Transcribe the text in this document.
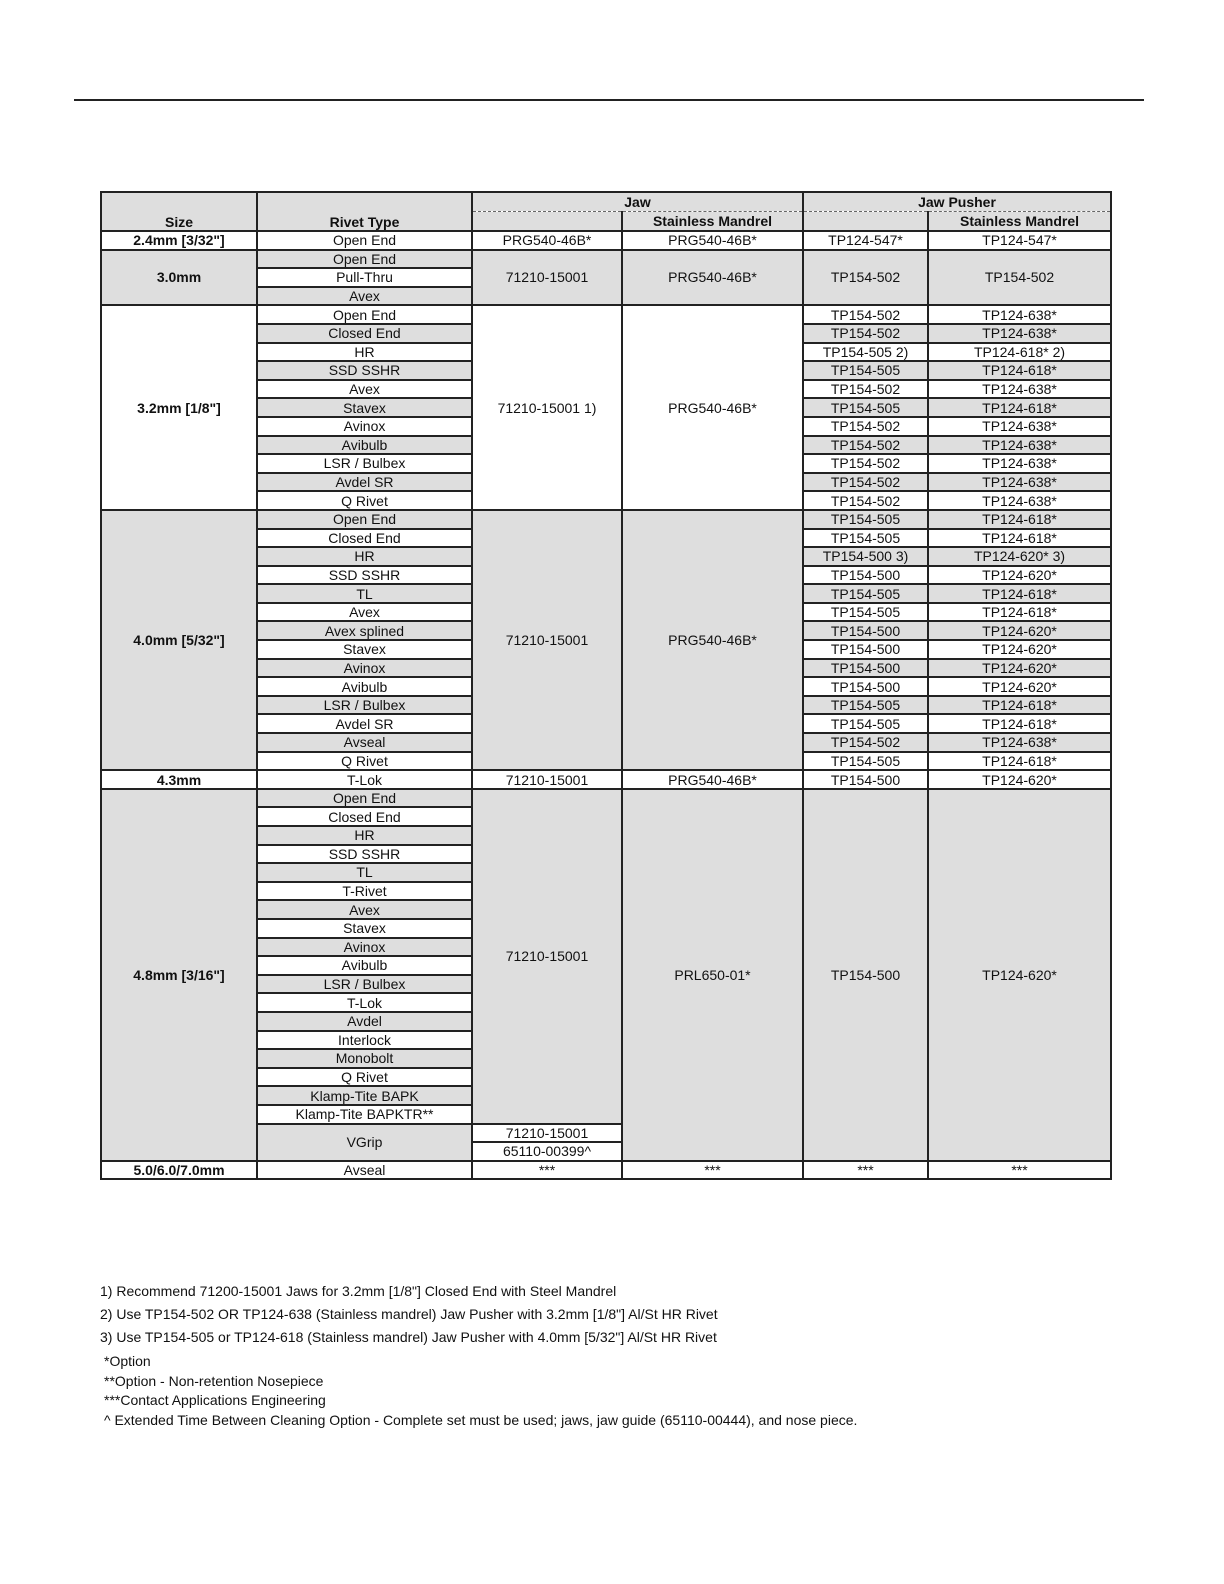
Size	Rivet Type	Jaw		Jaw Pusher	
			Stainless Mandrel		Stainless Mandrel
2.4mm [3/32"]	Open End	PRG540-46B*	PRG540-46B*	TP124-547*	TP124-547*
3.0mm	Open End	71210-15001	PRG540-46B*	TP154-502	TP154-502
	Pull-Thru				
	Avex				
3.2mm [1/8"]	Open End	71210-15001 1)	PRG540-46B*	TP154-502	TP124-638*
	Closed End			TP154-502	TP124-638*
	HR			TP154-505 2)	TP124-618* 2)
	SSD SSHR			TP154-505	TP124-618*
	Avex			TP154-502	TP124-638*
	Stavex			TP154-505	TP124-618*
	Avinox			TP154-502	TP124-638*
	Avibulb			TP154-502	TP124-638*
	LSR / Bulbex			TP154-502	TP124-638*
	Avdel SR			TP154-502	TP124-638*
	Q Rivet			TP154-502	TP124-638*
4.0mm [5/32"]	Open End	71210-15001	PRG540-46B*	TP154-505	TP124-618*
	Closed End			TP154-505	TP124-618*
	HR			TP154-500 3)	TP124-620* 3)
	SSD SSHR			TP154-500	TP124-620*
	TL			TP154-505	TP124-618*
	Avex			TP154-505	TP124-618*
	Avex splined			TP154-500	TP124-620*
	Stavex			TP154-500	TP124-620*
	Avinox			TP154-500	TP124-620*
	Avibulb			TP154-500	TP124-620*
	LSR / Bulbex			TP154-505	TP124-618*
	Avdel SR			TP154-505	TP124-618*
	Avseal			TP154-502	TP124-638*
	Q Rivet			TP154-505	TP124-618*
4.3mm	T-Lok	71210-15001	PRG540-46B*	TP154-500	TP124-620*
4.8mm [3/16"]	Open End	71210-15001	PRL650-01*	TP154-500	TP124-620*
	Closed End				
	HR				
	SSD SSHR				
	TL				
	T-Rivet				
	Avex				
	Stavex				
	Avinox				
	Avibulb				
	LSR / Bulbex				
	T-Lok				
	Avdel				
	Interlock				
	Monobolt				
	Q Rivet				
	Klamp-Tite BAPK				
	Klamp-Tite BAPKTR**				
	VGrip	71210-15001			
		65110-00399^			
5.0/6.0/7.0mm	Avseal	***	***	***	***
1) Recommend 71200-15001 Jaws for 3.2mm [1/8"] Closed End with Steel Mandrel
2) Use TP154-502 OR TP124-638 (Stainless mandrel) Jaw Pusher with 3.2mm [1/8"] Al/St HR Rivet
3) Use TP154-505 or TP124-618 (Stainless mandrel) Jaw Pusher with 4.0mm [5/32"] Al/St HR Rivet
*Option
**Option - Non-retention Nosepiece
***Contact Applications Engineering
^ Extended Time Between Cleaning Option - Complete set must be used; jaws, jaw guide (65110-00444), and nose piece.
